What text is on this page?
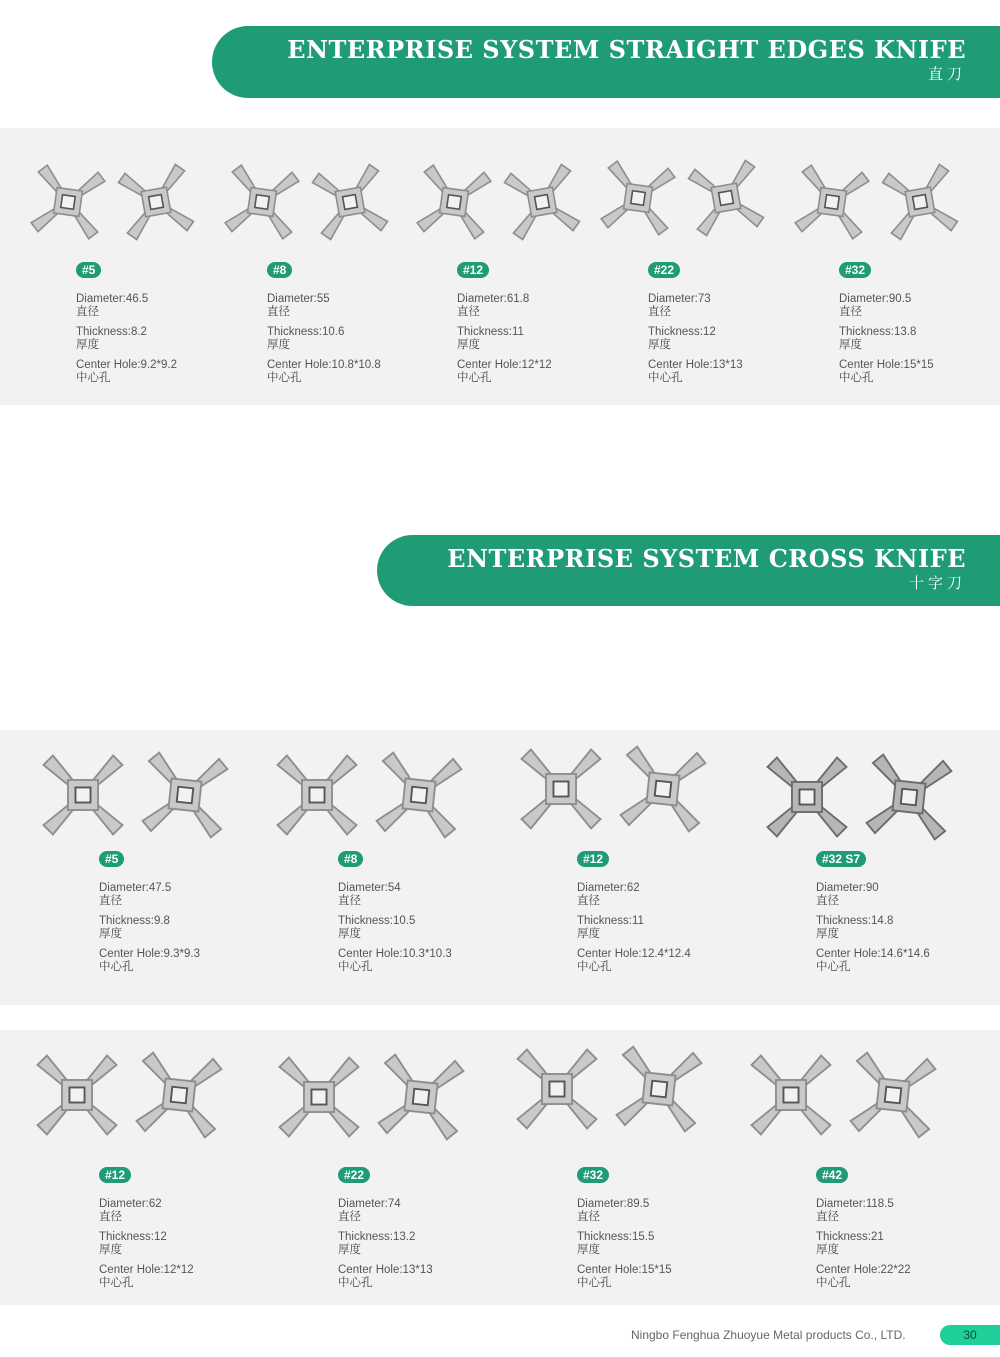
ENTERPRISE SYSTEM STRAIGHT EDGES KNIFE
直刀
ENTERPRISE SYSTEM CROSS KNIFE
十字刀
#5
Diameter:46.5
直径
Thickness:8.2
厚度
Center Hole:9.2*9.2
中心孔
#8
Diameter:55
直径
Thickness:10.6
厚度
Center Hole:10.8*10.8
中心孔
#12
Diameter:61.8
直径
Thickness:11
厚度
Center Hole:12*12
中心孔
#22
Diameter:73
直径
Thickness:12
厚度
Center Hole:13*13
中心孔
#32
Diameter:90.5
直径
Thickness:13.8
厚度
Center Hole:15*15
中心孔
#5
Diameter:47.5
直径
Thickness:9.8
厚度
Center Hole:9.3*9.3
中心孔
#8
Diameter:54
直径
Thickness:10.5
厚度
Center Hole:10.3*10.3
中心孔
#12
Diameter:62
直径
Thickness:11
厚度
Center Hole:12.4*12.4
中心孔
#32 S7
Diameter:90
直径
Thickness:14.8
厚度
Center Hole:14.6*14.6
中心孔
#12
Diameter:62
直径
Thickness:12
厚度
Center Hole:12*12
中心孔
#22
Diameter:74
直径
Thickness:13.2
厚度
Center Hole:13*13
中心孔
#32
Diameter:89.5
直径
Thickness:15.5
厚度
Center Hole:15*15
中心孔
#42
Diameter:118.5
直径
Thickness:21
厚度
Center Hole:22*22
中心孔
Ningbo Fenghua Zhuoyue Metal products Co., LTD.	30
